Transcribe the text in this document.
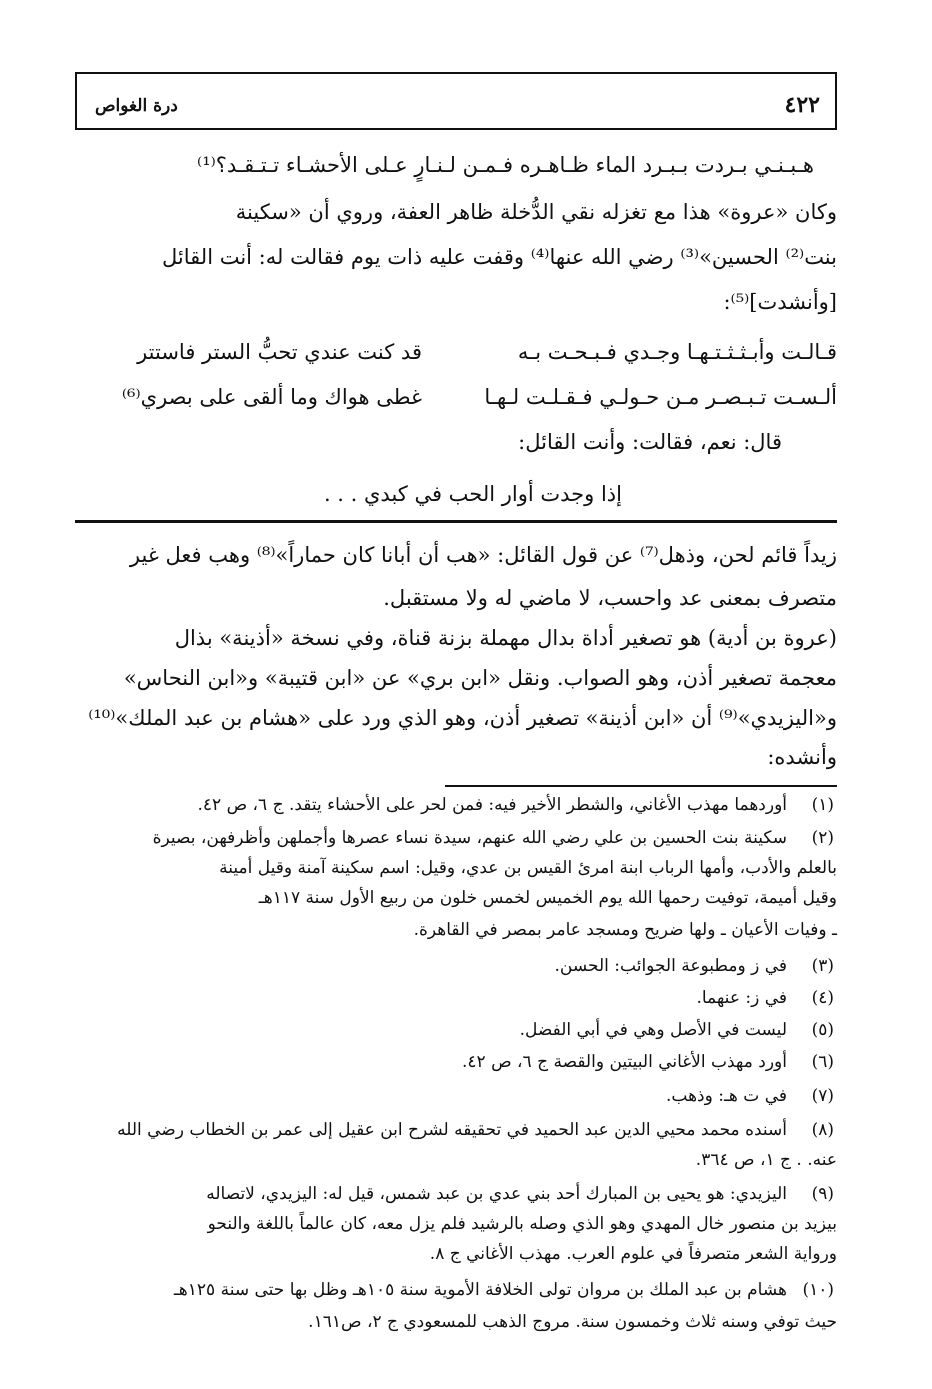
درة الغواص	٤٢٢
هـبـنـي بـردت بـبـرد الماء ظـاهـره فـمـن لـنـارٍ عـلى الأحشـاء تـتـقـد؟⁽¹⁾
وكان «عروة» هذا مع تغزله نقي الدُّخلة ظاهر العفة، وروي أن «سكينة
بنت⁽²⁾ الحسين»⁽³⁾ رضي الله عنها⁽⁴⁾ وقفت عليه ذات يوم فقالت له: أنت القائل
[وأنشدت]⁽⁵⁾:
قـالـت وأبـثـثـتـهـا وجـدي فـبـحـت بـه
قد كنت عندي تحبُّ الستر فاستتر
ألـسـت تـبـصـر مـن حـولـي فـقـلـت لـهـا
غطى هواك وما ألقى على بصري⁽⁶⁾
قال: نعم، فقالت: وأنت القائل:
إذا وجدت أوار الحب في كبدي . . .
زيداً قائم لحن، وذهل⁽⁷⁾ عن قول القائل: «هب أن أبانا كان حماراً»⁽⁸⁾ وهب فعل غير
متصرف بمعنى عد واحسب، لا ماضي له ولا مستقبل.
(عروة بن أدية) هو تصغير أداة بدال مهملة بزنة قناة، وفي نسخة «أذينة» بذال
معجمة تصغير أذن، وهو الصواب. ونقل «ابن بري» عن «ابن قتيبة» و«ابن النحاس»
و«اليزيدي»⁽⁹⁾ أن «ابن أذينة» تصغير أذن، وهو الذي ورد على «هشام بن عبد الملك»⁽¹⁰⁾
وأنشده:
(١)
أوردهما مهذب الأغاني، والشطر الأخير فيه: فمن لحر على الأحشاء يتقد. ج ٦، ص ٤٢.
(٢)
سكينة بنت الحسين بن علي رضي الله عنهم، سيدة نساء عصرها وأجملهن وأظرفهن، بصيرة
بالعلم والأدب، وأمها الرباب ابنة امرئ القيس بن عدي، وقيل: اسم سكينة آمنة وقيل أمينة
وقيل أميمة، توفيت رحمها الله يوم الخميس لخمس خلون من ربيع الأول سنة ١١٧هـ
ـ وفيات الأعيان ـ ولها ضريح ومسجد عامر بمصر في القاهرة.
(٣)
في ز ومطبوعة الجوائب: الحسن.
(٤)
في ز: عنهما.
(٥)
ليست في الأصل وهي في أبي الفضل.
(٦)
أورد مهذب الأغاني البيتين والقصة ج ٦، ص ٤٢.
(٧)
في ت هـ: وذهب.
(٨)
أسنده محمد محيي الدين عبد الحميد في تحقيقه لشرح ابن عقيل إلى عمر بن الخطاب رضي الله
عنه. . ج ١، ص ٣٦٤.
(٩)
اليزيدي: هو يحيى بن المبارك أحد بني عدي بن عبد شمس، قيل له: اليزيدي، لاتصاله
بيزيد بن منصور خال المهدي وهو الذي وصله بالرشيد فلم يزل معه، كان عالماً باللغة والنحو
ورواية الشعر متصرفاً في علوم العرب. مهذب الأغاني ج ٨.
(١٠)
هشام بن عبد الملك بن مروان تولى الخلافة الأموية سنة ١٠٥هـ وظل بها حتى سنة ١٢٥هـ
حيث توفي وسنه ثلاث وخمسون سنة. مروج الذهب للمسعودي ج ٢، ص١٦١.
